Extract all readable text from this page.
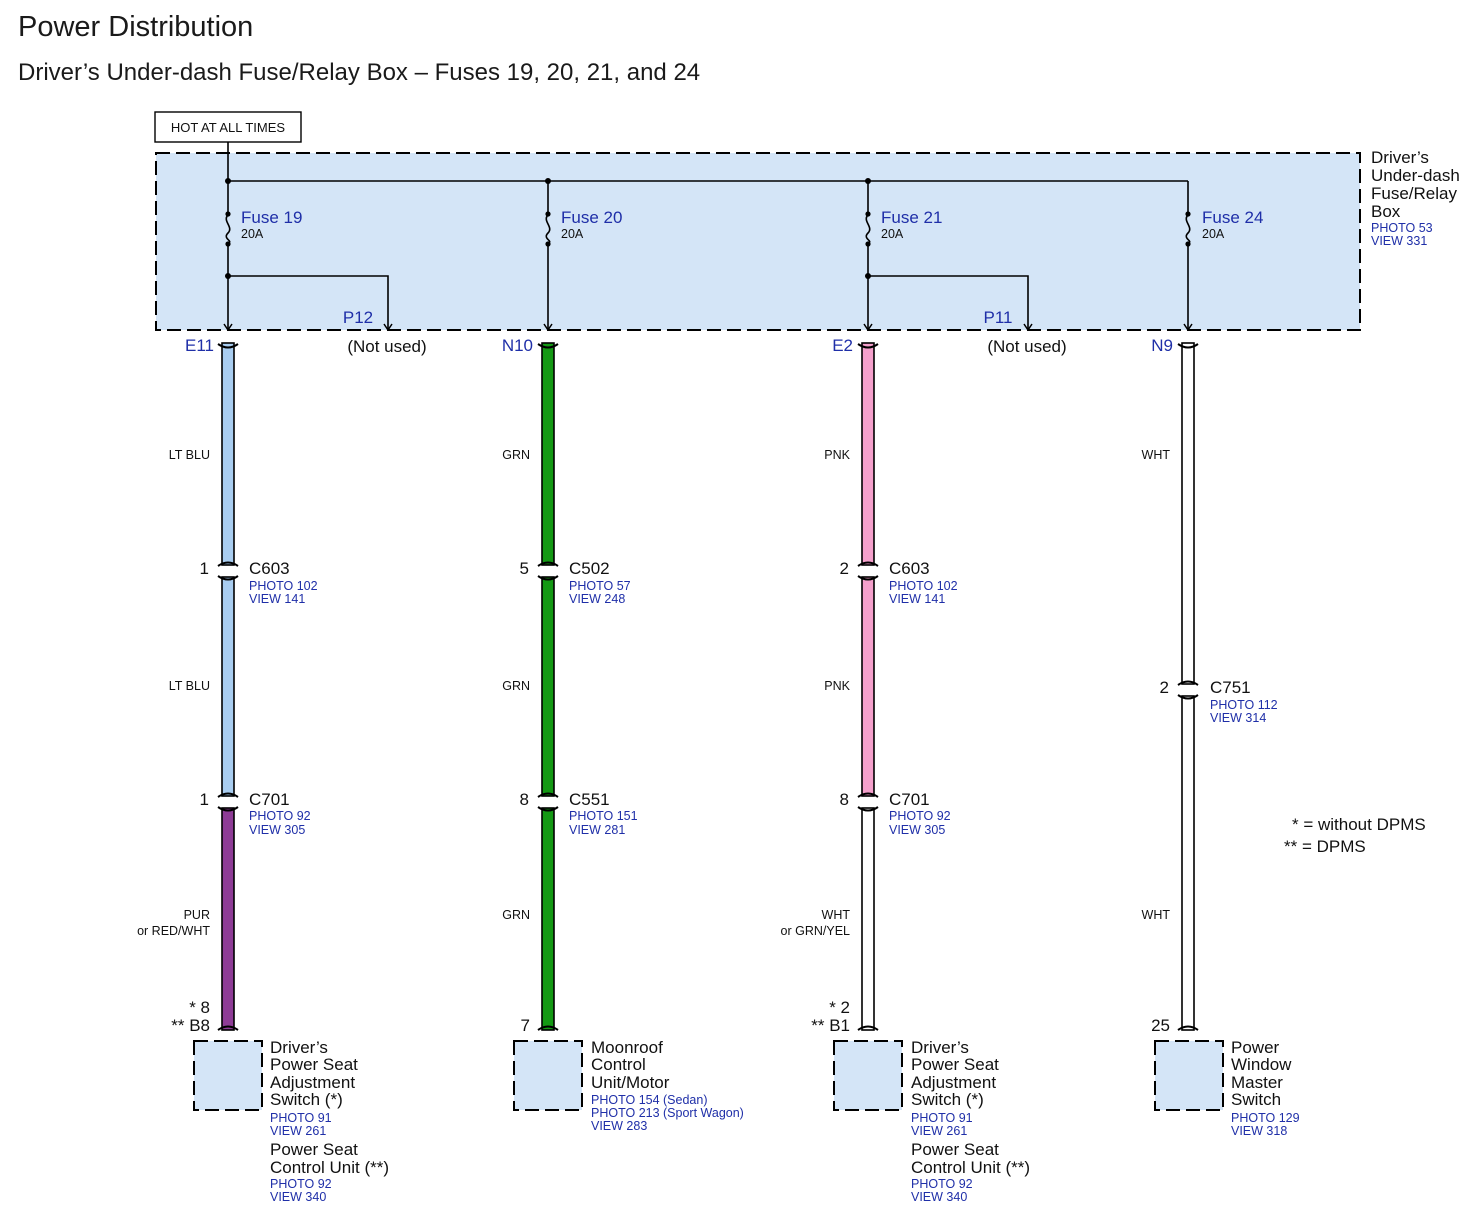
Power Distribution
Driver’s Under-dash Fuse/Relay Box – Fuses 19, 20, 21, and 24
HOT AT ALL TIMES
Driver’s
Under-dash
Fuse/Relay
Box
PHOTO 53
VIEW 331
Fuse 19
20A
Fuse 20
20A
Fuse 21
20A
Fuse 24
20A
P12
(Not used)
P11
(Not used)
E11	N10	E2	N9
LT BLU
LT BLU
PUR
or RED/WHT
GRN
GRN
GRN
PNK
PNK
WHT
or GRN/YEL
WHT
WHT
1 C603
PHOTO 102
VIEW 141
1 C701
PHOTO 92
VIEW 305
5 C502
PHOTO 57
VIEW 248
8 C551
PHOTO 151
VIEW 281
2 C603
PHOTO 102
VIEW 141
8 C701
PHOTO 92
VIEW 305
2 C751
PHOTO 112
VIEW 314
* = without DPMS
** = DPMS
* 8
** B8
Driver’s
Power Seat
Adjustment
Switch (*)
PHOTO 91
VIEW 261
Power Seat
Control Unit (**)
PHOTO 92
VIEW 340
7
Moonroof
Control
Unit/Motor
PHOTO 154 (Sedan)
PHOTO 213 (Sport Wagon)
VIEW 283
* 2
** B1
Driver’s
Power Seat
Adjustment
Switch (*)
PHOTO 91
VIEW 261
Power Seat
Control Unit (**)
PHOTO 92
VIEW 340
25
Power
Window
Master
Switch
PHOTO 129
VIEW 318
